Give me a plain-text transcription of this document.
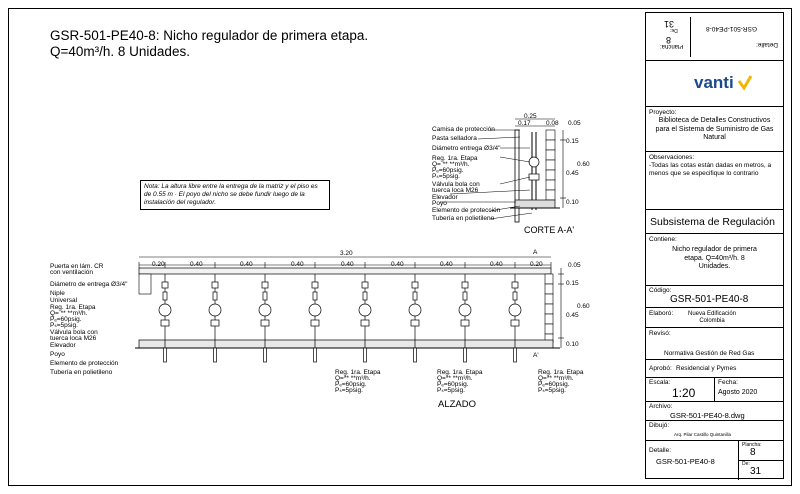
GSR-501-PE40-8: Nicho regulador de primera etapa.
Q=40m³/h. 8 Unidades.
Nota: La altura libre entre la entrega de la matriz y el piso es de 0.55 m · El poyo del nicho se debe fundir luego de la instalación del regulador.
0.25
0.17 0.08 0.05
0.15
0.60
0.45
0.10
Camisa de protección
Pasta selladora
Diámetro entrega Ø3/4"
Reg. 1ra. Etapa
Q= ** **m³/h.
Pₑ=60psig.
Pₛ=5psig.
Válvula bola con
tuerca loca M26
Elevador
Poyo
Elemento de protección
Tubería en polietileno
CORTE A-A'
3.20
0.20	0.40	0.40	0.40	0.40	0.40	0.40	0.40	0.20	0.05
0.15
0.60
0.45
0.10
A
A'
Puerta en lám. CR
con ventilación
Diámetro de entrega Ø3/4"
Niple
Universal
Reg. 1ra. Etapa
Q= ** **m³/h.
Pₑ=60psig.
Pₛ=5psig.
Válvula bola con
tuerca loca M26
Elevador
Poyo
Elemento de protección
Tubería en polietileno	Reg. 1ra. Etapa
Q=** **m³/h.
Pₑ=60psig.
Pₛ=5psig.
Reg. 1ra. Etapa
Q=** **m³/h.
Pₑ=60psig.
Pₛ=5psig.
Reg. 1ra. Etapa
Q=** **m³/h.
Pₑ=60psig.
Pₛ=5psig.
ALZADO
Plancha:
8
31
De:	GSR-501-PE40-8
Detalle:
vanti
Proyecto:
Biblioteca de Detalles Constructivos para el Sistema de Suministro de Gas Natural
Observaciones:
-Todas las cotas están dadas en metros, a menos que se especifique lo contrario
Subsistema de Regulación
Contiene:
Nicho regulador de primera etapa. Q=40m³/h. 8 Unidades.
Código:
GSR-501-PE40-8
Elaboró:	Nueva Edificación Colombia
Revisó:
Normativa Gestión de Red Gas
Aprobó: Residencial y Pymes
Escala:
1:20
Fecha:
Agosto 2020
Archivo:
GSR-501-PE40-8.dwg
Dibujó:
Arq. Pilar Castillo Quintanilla
Detalle:
GSR-501-PE40-8
Plancha:
8
De:
31
